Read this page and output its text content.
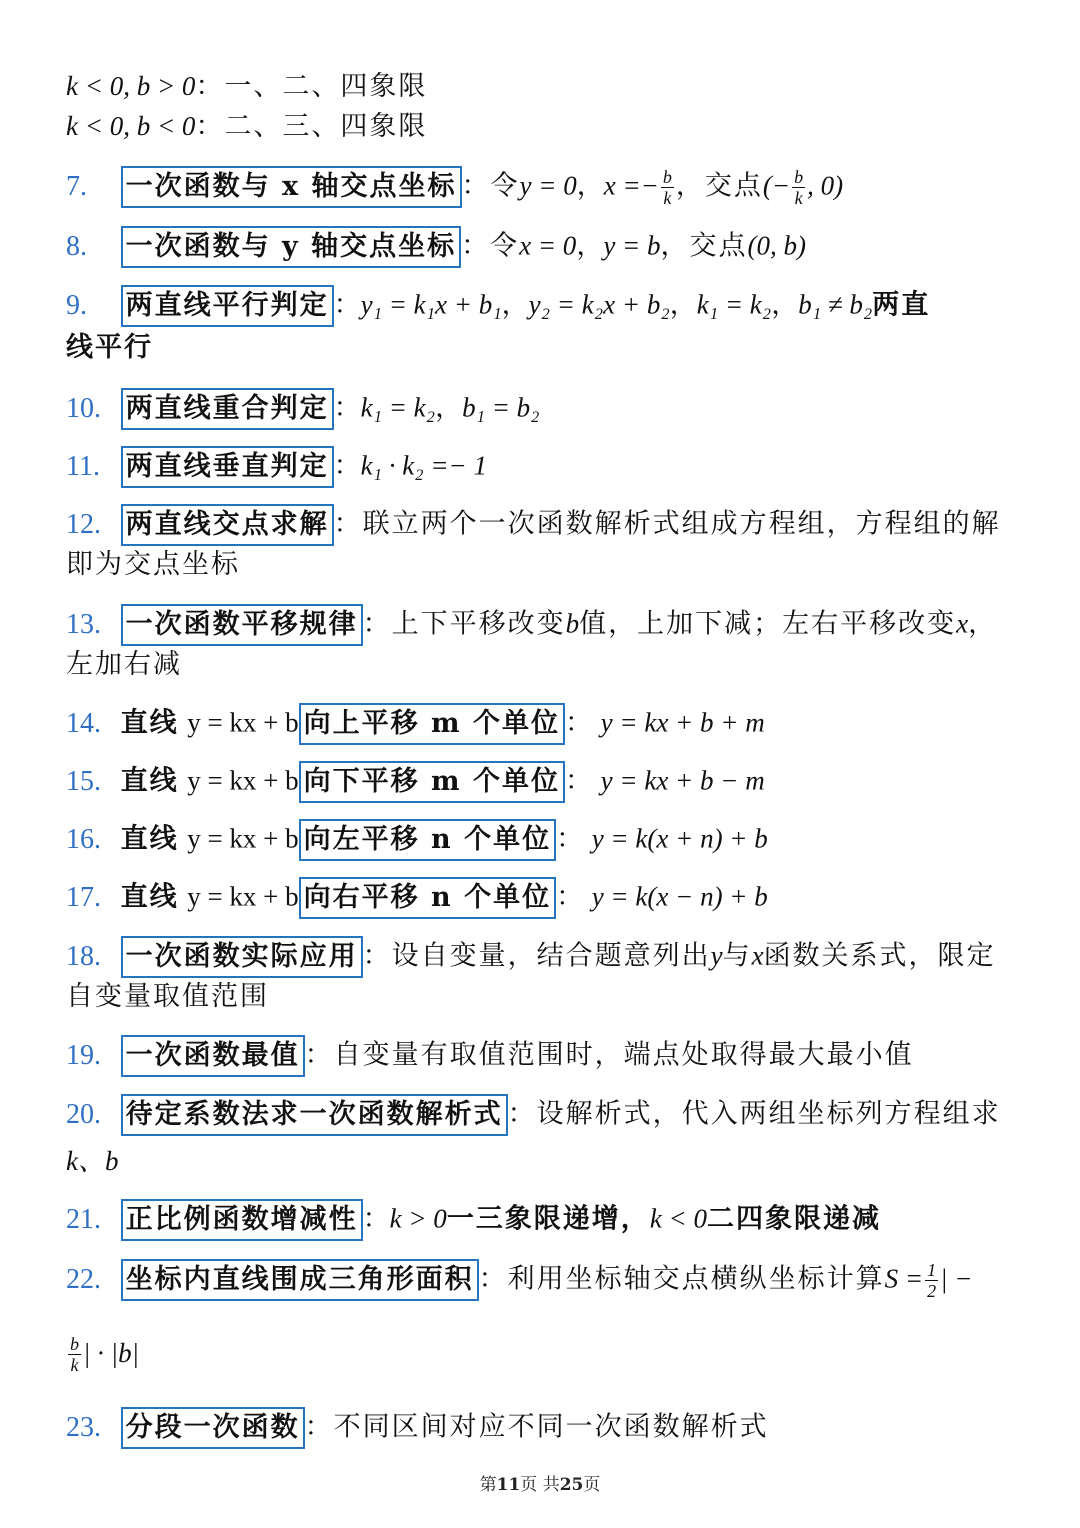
k < 0, b > 0：一、二、四象限
k < 0, b < 0：二、三、四象限
7. 一次函数与 x 轴交点坐标 ：令y = 0，$x =- \frac{b}{k}$ ，交点(− $\frac{b}{k}$ , 0)
8. 一次函数与 y 轴交点坐标 ：令x = 0，y = b，交点(0, b)
9. 两直线平行判定 ：y₁ = k₁x + b₁，y₂ = k₂x + b₂，k₁ = k₂，b₁ ≠ b₂两直
线平行
10. 两直线重合判定 ：k₁ = k₂，b₁ = b₂
11. 两直线垂直判定 ：k₁ · k₂ =− 1
12. 两直线交点求解 ：联立两个一次函数解析式组成方程组，方程组的解
即为交点坐标
13. 一次函数平移规律 ：上下平移改变b值，上加下减；左右平移改变x，
左加右减
14. 直线 y = kx + b 向上平移 m 个单位 ： y = kx + b + m
15. 直线 y = kx + b 向下平移 m 个单位 ： y = kx + b − m
16. 直线 y = kx + b 向左平移 n 个单位 ： y = k(x + n) + b
17. 直线 y = kx + b 向右平移 n 个单位 ： y = k(x − n) + b
18. 一次函数实际应用 ：设自变量，结合题意列出y与x函数关系式，限定
自变量取值范围
19. 一次函数最值 ：自变量有取值范围时，端点处取得最大最小值
20. 待定系数法求一次函数解析式 ：设解析式，代入两组坐标列方程组求
k、b
21. 正比例函数增减性 ：k > 0一三象限递增，k < 0二四象限递减
22. 坐标内直线围成三角形面积 ：利用坐标轴交点横纵坐标计算$S = \frac{1}{2}$ | −
$\frac{b}{k}$ | · |b|
23. 分段一次函数 ：不同区间对应不同一次函数解析式
第11页 共25页
